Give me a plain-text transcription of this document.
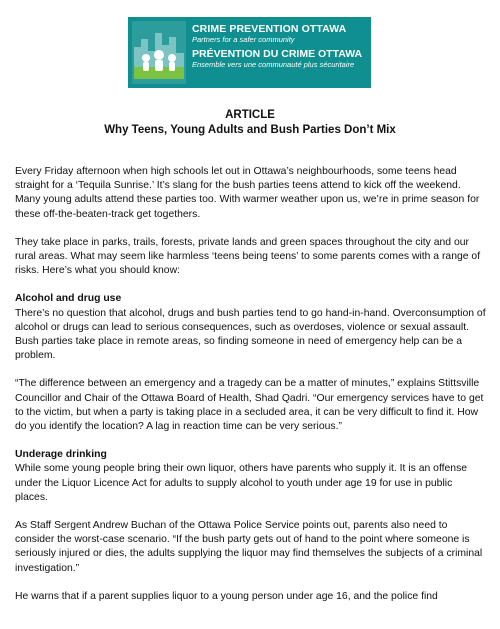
CRIME PREVENTION OTTAWA
Partners for a safer community
PRÉVENTION DU CRIME OTTAWA
Ensemble vers une communauté plus sécuritaire
ARTICLE
Why Teens, Young Adults and Bush Parties Don’t Mix

Every Friday afternoon when high schools let out in Ottawa’s neighbourhoods, some teens head straight for a ‘Tequila Sunrise.’ It’s slang for the bush parties teens attend to kick off the weekend. Many young adults attend these parties too. With warmer weather upon us, we’re in prime season for these off-the-beaten-track get togethers.

They take place in parks, trails, forests, private lands and green spaces throughout the city and our rural areas. What may seem like harmless ‘teens being teens’ to some parents comes with a range of risks. Here’s what you should know:

Alcohol and drug use

There’s no question that alcohol, drugs and bush parties tend to go hand-in-hand. Overconsumption of alcohol or drugs can lead to serious consequences, such as overdoses, violence or sexual assault. Bush parties take place in remote areas, so finding someone in need of emergency help can be a problem.

“The difference between an emergency and a tragedy can be a matter of minutes,” explains Stittsville Councillor and Chair of the Ottawa Board of Health, Shad Qadri. “Our emergency services have to get to the victim, but when a party is taking place in a secluded area, it can be very difficult to find it. How do you identify the location? A lag in reaction time can be very serious.”

Underage drinking

While some young people bring their own liquor, others have parents who supply it. It is an offense under the Liquor Licence Act for adults to supply alcohol to youth under age 19 for use in public places.

As Staff Sergent Andrew Buchan of the Ottawa Police Service points out, parents also need to consider the worst-case scenario. “If the bush party gets out of hand to the point where someone is seriously injured or dies, the adults supplying the liquor may find themselves the subjects of a criminal investigation.”

He warns that if a parent supplies liquor to a young person under age 16, and the police find
